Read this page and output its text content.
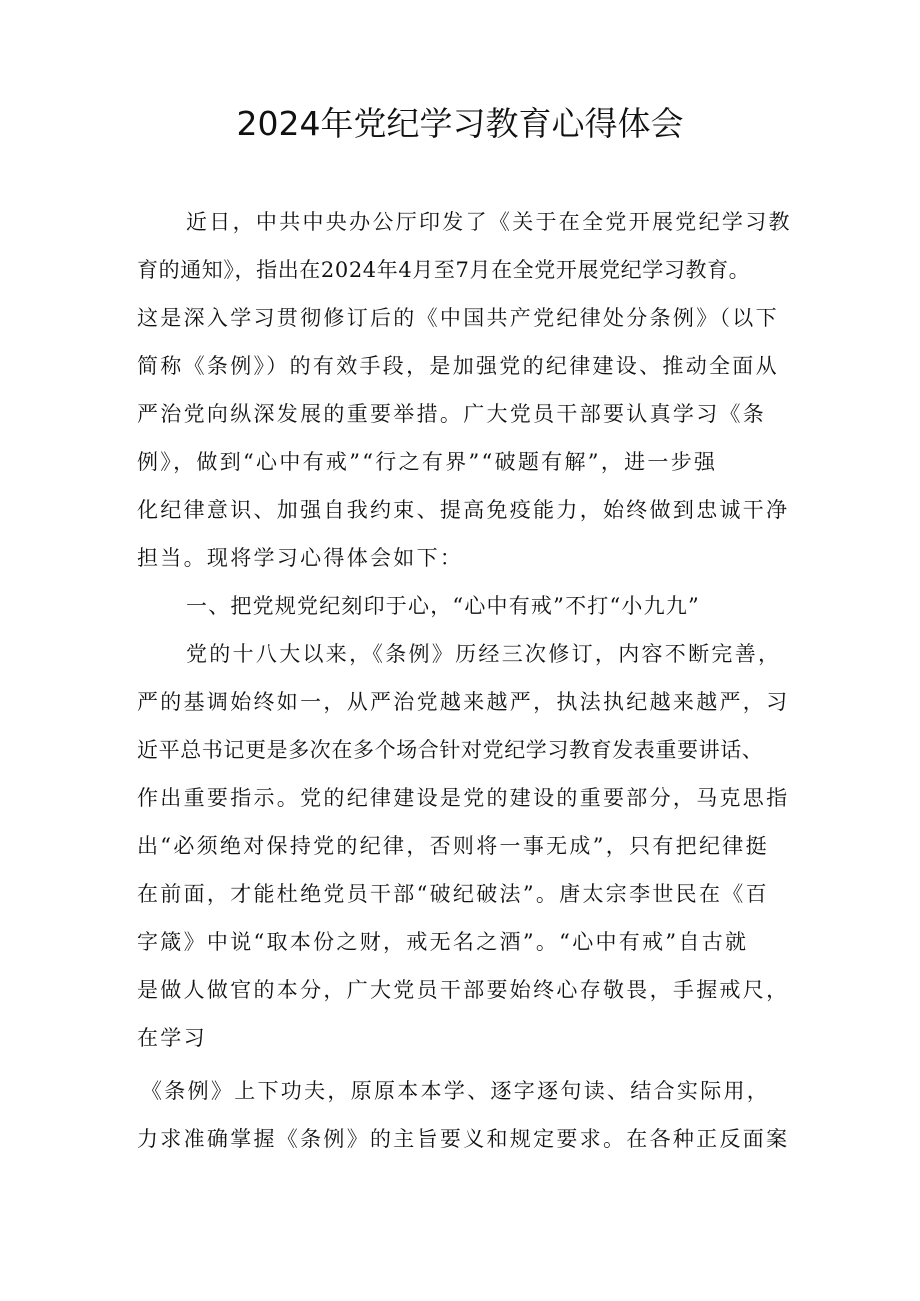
2024年党纪学习教育心得体会
近日，中共中央办公厅印发了《关于在全党开展党纪学习教
育的通知》，指出在2024年4月至7月在全党开展党纪学习教育。
这是深入学习贯彻修订后的《中国共产党纪律处分条例》（以下
简称《条例》）的有效手段，是加强党的纪律建设、推动全面从
严治党向纵深发展的重要举措。广大党员干部要认真学习《条
例》，做到“心中有戒”“行之有界”“破题有解”，进一步强
化纪律意识、加强自我约束、提高免疫能力，始终做到忠诚干净
担当。现将学习心得体会如下：
一、把党规党纪刻印于心，“心中有戒”不打“小九九”
党的十八大以来，《条例》历经三次修订，内容不断完善，
严的基调始终如一，从严治党越来越严，执法执纪越来越严，习
近平总书记更是多次在多个场合针对党纪学习教育发表重要讲话、
作出重要指示。党的纪律建设是党的建设的重要部分，马克思指
出“必须绝对保持党的纪律，否则将一事无成”，只有把纪律挺
在前面，才能杜绝党员干部“破纪破法”。唐太宗李世民在《百
字箴》中说“取本份之财，戒无名之酒”。“心中有戒”自古就
是做人做官的本分，广大党员干部要始终心存敬畏，手握戒尺，
在学习
《条例》上下功夫，原原本本学、逐字逐句读、结合实际用，
力求准确掌握《条例》的主旨要义和规定要求。在各种正反面案
